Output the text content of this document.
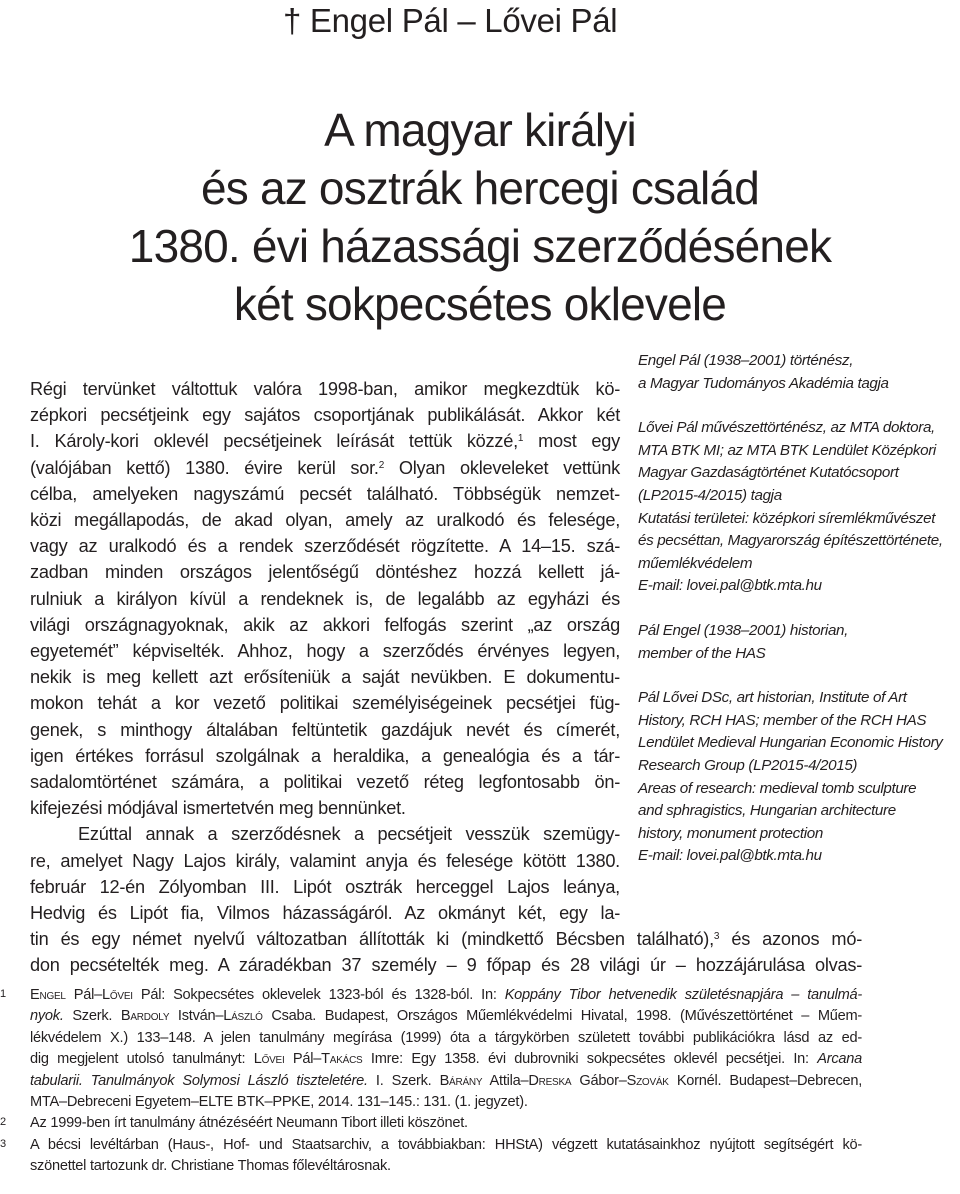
† Engel Pál – Lővei Pál
A magyar királyi
és az osztrák hercegi család
1380. évi házassági szerződésének
két sokpecsétes oklevele

Engel Pál (1938–2001) történész,
a Magyar Tudományos Akadémia tagja

Lővei Pál művészettörténész, az MTA doktora,
MTA BTK MI; az MTA BTK Lendület Középkori
Magyar Gazdaságtörténet Kutatócsoport
(LP2015-4/2015) tagja
Kutatási területei: középkori síremlékművészet
és pecséttan, Magyarország építészettörténete,
műemlékvédelem
E-mail: lovei.pal@btk.mta.hu

Pál Engel (1938–2001) historian,
member of the HAS

Pál Lővei DSc, art historian, Institute of Art
History, RCH HAS; member of the RCH HAS
Lendület Medieval Hungarian Economic History
Research Group (LP2015-4/2015)
Areas of research: medieval tomb sculpture
and sphragistics, Hungarian architecture
history, monument protection
E-mail: lovei.pal@btk.mta.hu

Régi tervünket váltottuk valóra 1998-ban, amikor megkezdtük kö-
zépkori pecsétjeink egy sajátos csoportjának publikálását. Akkor két
I. Károly-kori oklevél pecsétjeinek leírását tettük közzé,$^1$ most egy
(valójában kettő) 1380. évire kerül sor.$^2$ Olyan okleveleket vettünk
célba, amelyeken nagyszámú pecsét található. Többségük nemzet-
közi megállapodás, de akad olyan, amely az uralkodó és felesége,
vagy az uralkodó és a rendek szerződését rögzítette. A 14–15. szá-
zadban minden országos jelentőségű döntéshez hozzá kellett já-
rulniuk a királyon kívül a rendeknek is, de legalább az egyházi és
világi országnagyoknak, akik az akkori felfogás szerint „az ország
egyetemét” képviselték. Ahhoz, hogy a szerződés érvényes legyen,
nekik is meg kellett azt erősíteniük a saját nevükben. E dokumentu-
mokon tehát a kor vezető politikai személyiségeinek pecsétjei füg-
genek, s minthogy általában feltüntetik gazdájuk nevét és címerét,
igen értékes forrásul szolgálnak a heraldika, a genealógia és a tár-
sadalomtörténet számára, a politikai vezető réteg legfontosabb ön-
kifejezési módjával ismertetvén meg bennünket.
Ezúttal annak a szerződésnek a pecsétjeit vesszük szemügy-
re, amelyet Nagy Lajos király, valamint anyja és felesége kötött 1380.
február 12-én Zólyomban III. Lipót osztrák herceggel Lajos leánya,
Hedvig és Lipót fia, Vilmos házasságáról. Az okmányt két, egy la-
tin és egy német nyelvű változatban állították ki (mindkettő Bécsben található),$^3$ és azonos mó-
don pecsételték meg. A záradékban 37 személy – 9 főpap és 28 világi úr – hozzájárulása olvas-
1 Engel Pál–Lővei Pál: Sokpecsétes oklevelek 1323-ból és 1328-ból. In: Koppány Tibor hetvenedik születésnapjára – tanulmá-
nyok. Szerk. Bardoly István–László Csaba. Budapest, Országos Műemlékvédelmi Hivatal, 1998. (Művészettörténet – Műem-
lékvédelem X.) 133–148. A jelen tanulmány megírása (1999) óta a tárgykörben született további publikációkra lásd az ed-
dig megjelent utolsó tanulmányt: Lővei Pál–Takács Imre: Egy 1358. évi dubrovniki sokpecsétes oklevél pecsétjei. In: Arcana
tabularii. Tanulmányok Solymosi László tiszteletére. I. Szerk. Bárány Attila–Dreska Gábor–Szovák Kornél. Budapest–Debrecen,
MTA–Debreceni Egyetem–ELTE BTK–PPKE, 2014. 131–145.: 131. (1. jegyzet).
2 Az 1999-ben írt tanulmány átnézéséért Neumann Tibort illeti köszönet.
3 A bécsi levéltárban (Haus-, Hof- und Staatsarchiv, a továbbiakban: HHStA) végzett kutatásainkhoz nyújtott segítségért kö-
szönettel tartozunk dr. Christiane Thomas főlevéltárosnak.
